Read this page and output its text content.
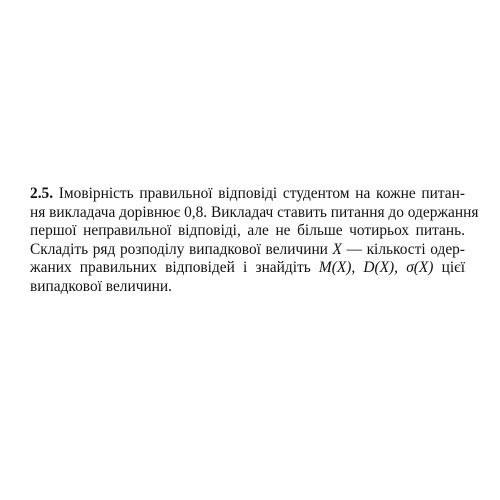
2.5. Імовірність правильної відповіді студентом на кожне питан-
ня викладача дорівнює 0,8. Викладач ставить питання до одержання
першої неправильної відповіді, але не більше чотирьох питань.
Складіть ряд розподілу випадкової величини X — кількості одер-
жаних правильних відповідей і знайдіть M(X), D(X), σ(X) цієї
випадкової величини.
